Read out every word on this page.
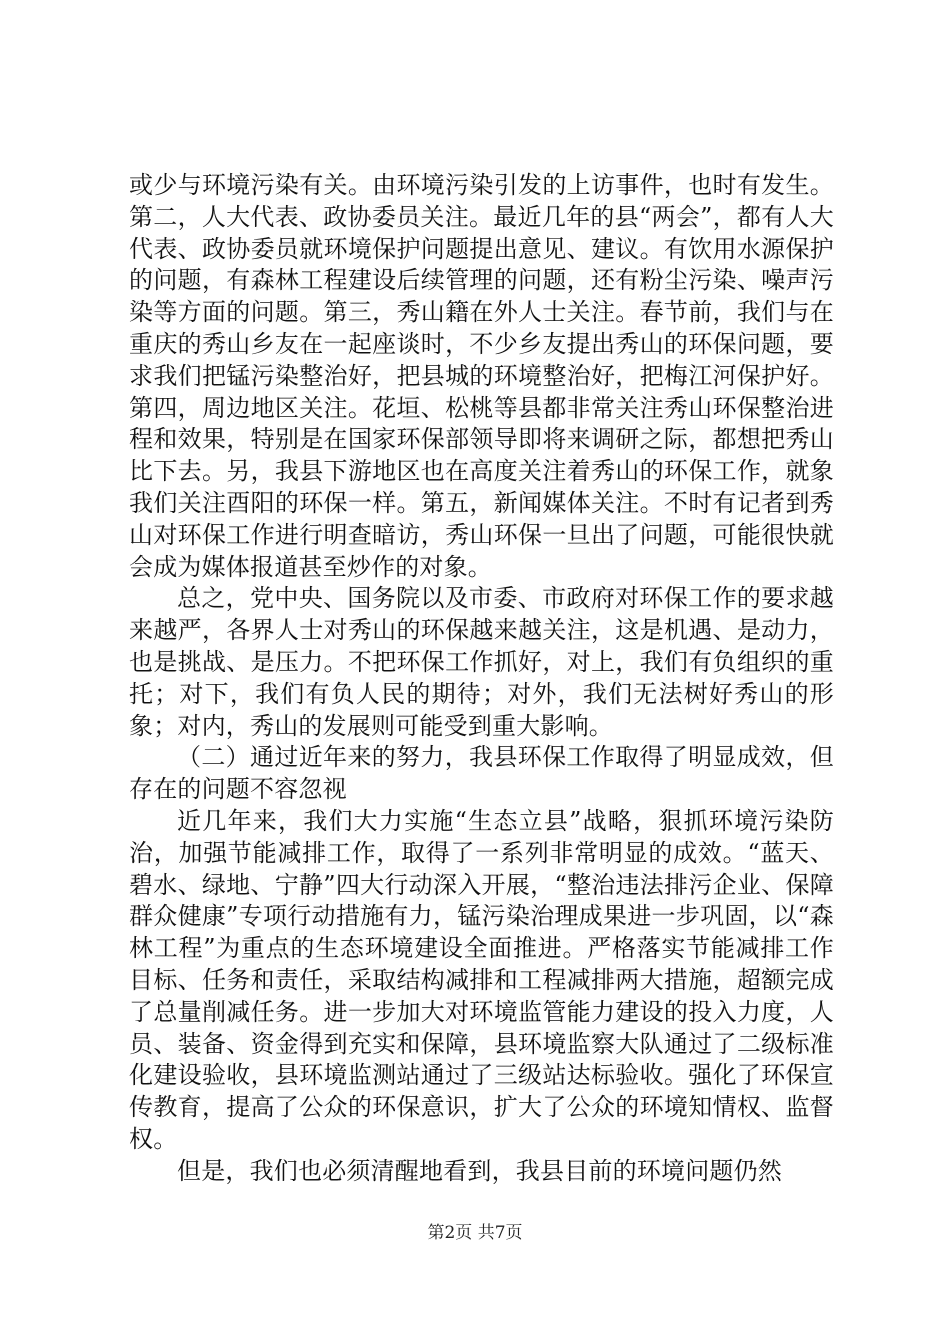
或少与环境污染有关。由环境污染引发的上访事件，也时有发生。第二，人大代表、政协委员关注。最近几年的县“两会”，都有人大代表、政协委员就环境保护问题提出意见、建议。有饮用水源保护的问题，有森林工程建设后续管理的问题，还有粉尘污染、噪声污染等方面的问题。第三，秀山籍在外人士关注。春节前，我们与在重庆的秀山乡友在一起座谈时，不少乡友提出秀山的环保问题，要求我们把锰污染整治好，把县城的环境整治好，把梅江河保护好。第四，周边地区关注。花垣、松桃等县都非常关注秀山环保整治进程和效果，特别是在国家环保部领导即将来调研之际，都想把秀山比下去。另，我县下游地区也在高度关注着秀山的环保工作，就象我们关注酉阳的环保一样。第五，新闻媒体关注。不时有记者到秀山对环保工作进行明查暗访，秀山环保一旦出了问题，可能很快就会成为媒体报道甚至炒作的对象。

总之，党中央、国务院以及市委、市政府对环保工作的要求越来越严，各界人士对秀山的环保越来越关注，这是机遇、是动力，也是挑战、是压力。不把环保工作抓好，对上，我们有负组织的重托；对下，我们有负人民的期待；对外，我们无法树好秀山的形象；对内，秀山的发展则可能受到重大影响。

（二）通过近年来的努力，我县环保工作取得了明显成效，但存在的问题不容忽视

近几年来，我们大力实施“生态立县”战略，狠抓环境污染防治，加强节能减排工作，取得了一系列非常明显的成效。“蓝天、碧水、绿地、宁静”四大行动深入开展，“整治违法排污企业、保障群众健康”专项行动措施有力，锰污染治理成果进一步巩固，以“森林工程”为重点的生态环境建设全面推进。严格落实节能减排工作目标、任务和责任，采取结构减排和工程减排两大措施，超额完成了总量削减任务。进一步加大对环境监管能力建设的投入力度，人员、装备、资金得到充实和保障，县环境监察大队通过了二级标准化建设验收，县环境监测站通过了三级站达标验收。强化了环保宣传教育，提高了公众的环保意识，扩大了公众的环境知情权、监督权。

但是，我们也必须清醒地看到，我县目前的环境问题仍然

第2页 共7页
